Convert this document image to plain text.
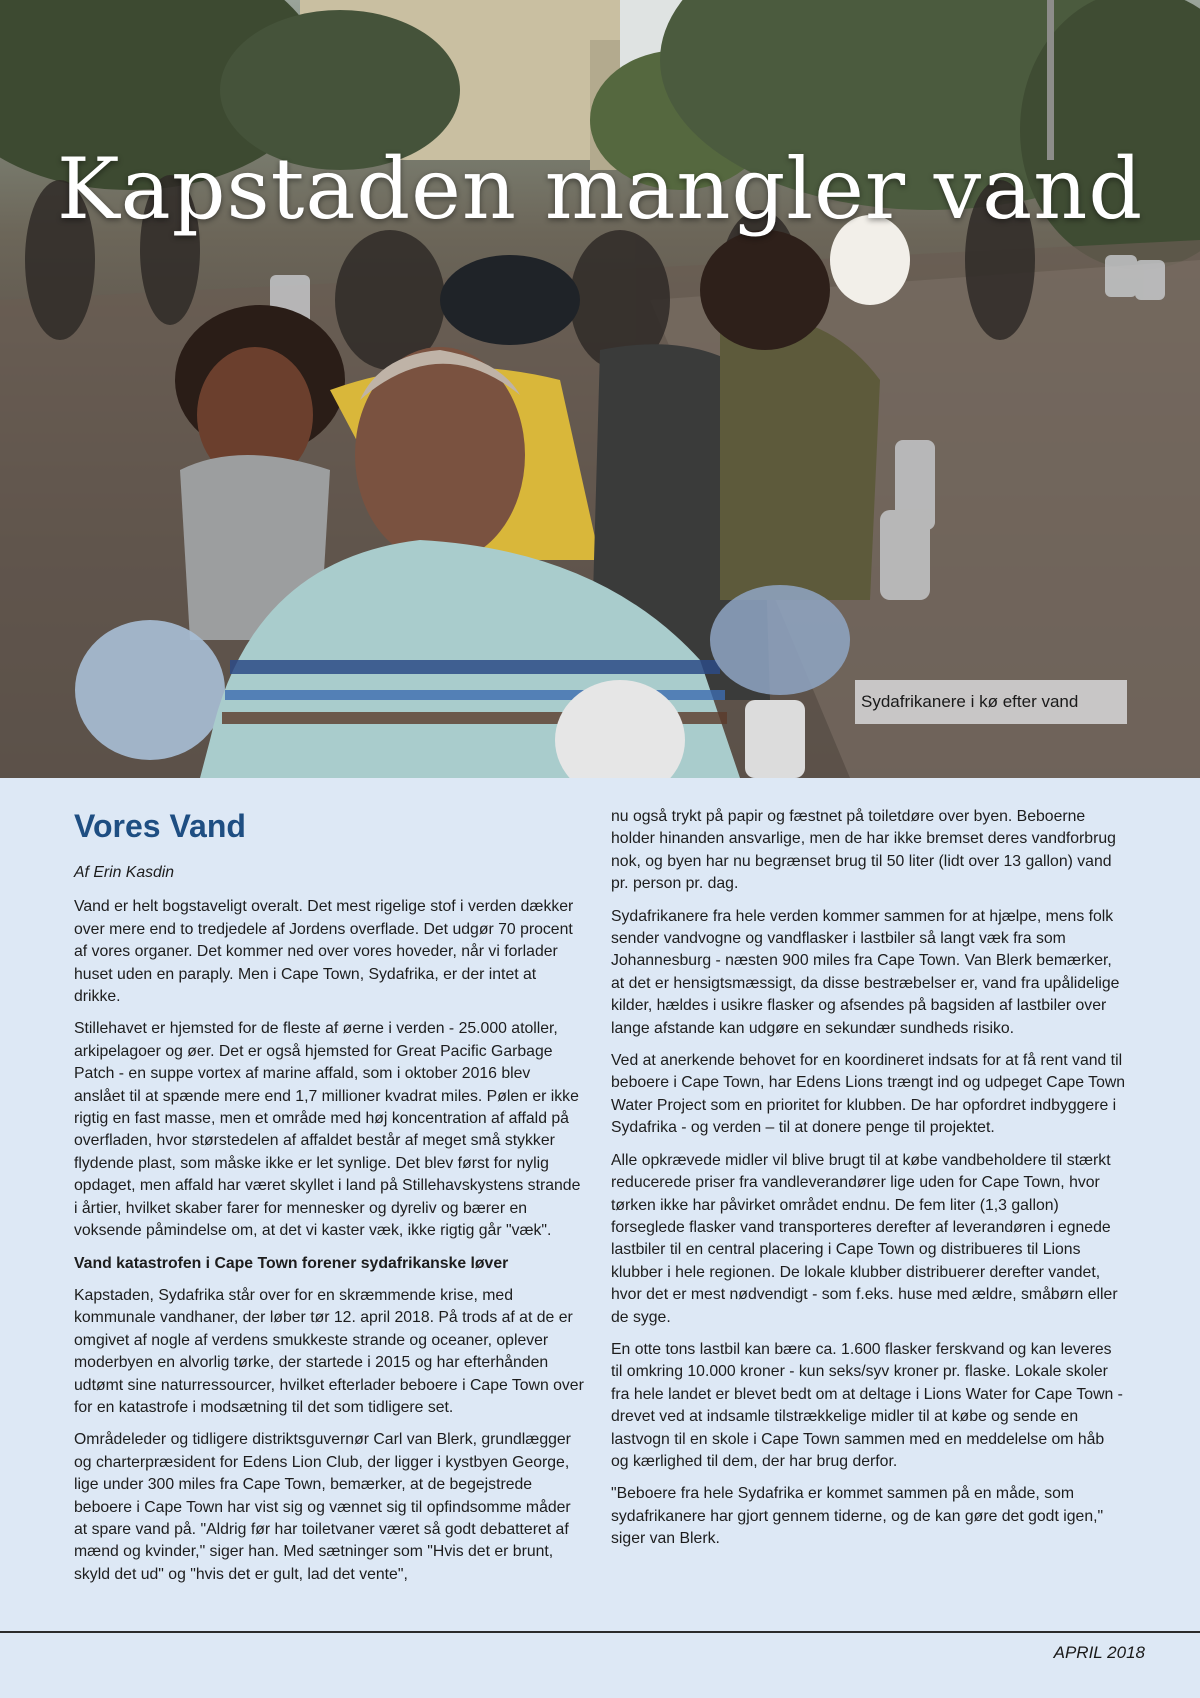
Kapstaden mangler vand
Sydafrikanere i kø efter vand
Vores Vand

Af Erin Kasdin

Vand er helt bogstaveligt overalt. Det mest rigelige stof i verden dækker over mere end to tredjedele af Jordens overflade. Det udgør 70 procent af vores organer. Det kommer ned over vores hoveder, når vi forlader huset uden en paraply. Men i Cape Town, Sydafrika, er der intet at drikke.

Stillehavet er hjemsted for de fleste af øerne i verden - 25.000 atoller, arkipelagoer og øer. Det er også hjemsted for Great Pacific Garbage Patch - en suppe vortex af marine affald, som i oktober 2016 blev anslået til at spænde mere end 1,7 millioner kvadrat miles. Pølen er ikke rigtig en fast masse, men et område med høj koncentration af affald på overfladen, hvor størstedelen af affaldet består af meget små stykker flydende plast, som måske ikke er let synlige. Det blev først for nylig opdaget, men affald har været skyllet i land på Stillehavskystens strande i årtier, hvilket skaber farer for mennesker og dyreliv og bærer en voksende påmindelse om, at det vi kaster væk, ikke rigtig går "væk".

Vand katastrofen i Cape Town forener sydafrikanske løver

Kapstaden, Sydafrika står over for en skræmmende krise, med kommunale vandhaner, der løber tør 12. april 2018. På trods af at de er omgivet af nogle af verdens smukkeste strande og oceaner, oplever moderbyen en alvorlig tørke, der startede i 2015 og har efterhånden udtømt sine naturressourcer, hvilket efterlader beboere i Cape Town over for en katastrofe i modsætning til det som tidligere set.

Områdeleder og tidligere distriktsguvernør Carl van Blerk, grundlægger og charterpræsident for Edens Lion Club, der ligger i kystbyen George, lige under 300 miles fra Cape Town, bemærker, at de begejstrede beboere i Cape Town har vist sig og vænnet sig til opfindsomme måder at spare vand på. "Aldrig før har toiletvaner været så godt debatteret af mænd og kvinder," siger han. Med sætninger som "Hvis det er brunt, skyld det ud" og "hvis det er gult, lad det vente",

nu også trykt på papir og fæstnet på toiletdøre over byen. Beboerne holder hinanden ansvarlige, men de har ikke bremset deres vandforbrug nok, og byen har nu begrænset brug til 50 liter (lidt over 13 gallon) vand pr. person pr. dag.

Sydafrikanere fra hele verden kommer sammen for at hjælpe, mens folk sender vandvogne og vandflasker i lastbiler så langt væk fra som Johannesburg - næsten 900 miles fra Cape Town. Van Blerk bemærker, at det er hensigtsmæssigt, da disse bestræbelser er, vand fra upålidelige kilder, hældes i usikre flasker og afsendes på bagsiden af lastbiler over lange afstande kan udgøre en sekundær sundheds risiko.

Ved at anerkende behovet for en koordineret indsats for at få rent vand til beboere i Cape Town, har Edens Lions trængt ind og udpeget Cape Town Water Project som en prioritet for klubben. De har opfordret indbyggere i Sydafrika - og verden – til at donere penge til projektet.

Alle opkrævede midler vil blive brugt til at købe vandbeholdere til stærkt reducerede priser fra vandleverandører lige uden for Cape Town, hvor tørken ikke har påvirket området endnu. De fem liter (1,3 gallon) forseglede flasker vand transporteres derefter af leverandøren i egnede lastbiler til en central placering i Cape Town og distribueres til Lions klubber i hele regionen. De lokale klubber distribuerer derefter vandet, hvor det er mest nødvendigt - som f.eks. huse med ældre, småbørn eller de syge.

En otte tons lastbil kan bære ca. 1.600 flasker ferskvand og kan leveres til omkring 10.000 kroner - kun seks/syv kroner pr. flaske. Lokale skoler fra hele landet er blevet bedt om at deltage i Lions Water for Cape Town - drevet ved at indsamle tilstrækkelige midler til at købe og sende en lastvogn til en skole i Cape Town sammen med en meddelelse om håb og kærlighed til dem, der har brug derfor.

"Beboere fra hele Sydafrika er kommet sammen på en måde, som sydafrikanere har gjort gennem tiderne, og de kan gøre det godt igen," siger van Blerk.

APRIL 2018
